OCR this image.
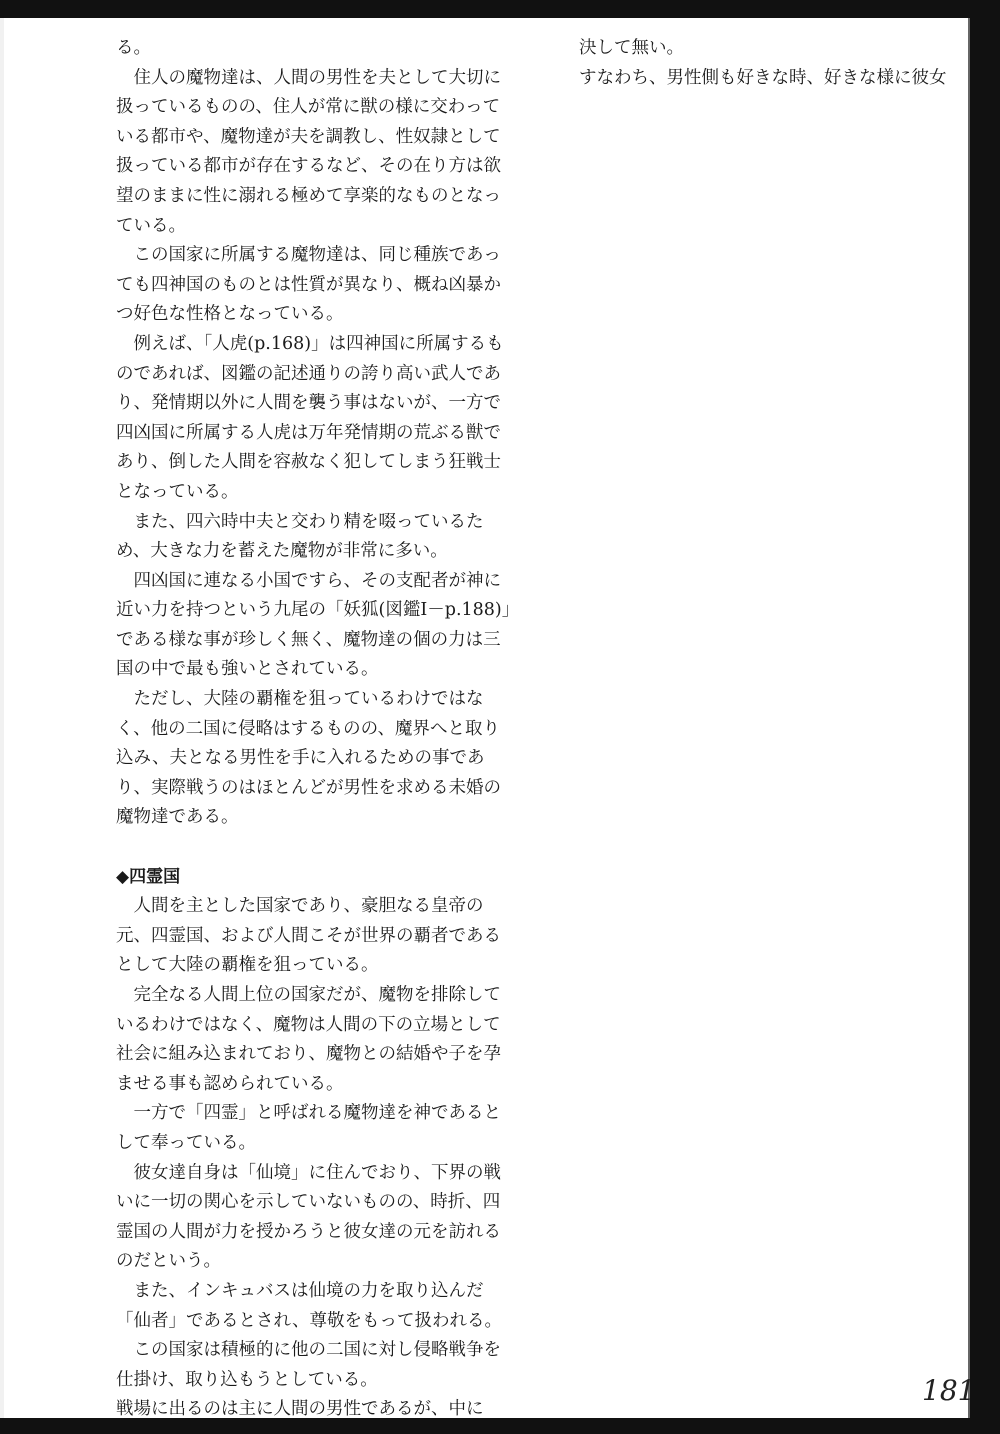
る。

　住人の魔物達は、人間の男性を夫として大切に扱っているものの、住人が常に獣の様に交わっている都市や、魔物達が夫を調教し、性奴隷として扱っている都市が存在するなど、その在り方は欲望のままに性に溺れる極めて享楽的なものとなっている。

　この国家に所属する魔物達は、同じ種族であっても四神国のものとは性質が異なり、概ね凶暴かつ好色な性格となっている。

　例えば、「人虎(p.168)」は四神国に所属するものであれば、図鑑の記述通りの誇り高い武人であり、発情期以外に人間を襲う事はないが、一方で四凶国に所属する人虎は万年発情期の荒ぶる獣であり、倒した人間を容赦なく犯してしまう狂戦士となっている。

　また、四六時中夫と交わり精を啜っているため、大きな力を蓄えた魔物が非常に多い。

　四凶国に連なる小国ですら、その支配者が神に近い力を持つという九尾の「妖狐(図鑑Ⅰ－p.188)」である様な事が珍しく無く、魔物達の個の力は三国の中で最も強いとされている。

　ただし、大陸の覇権を狙っているわけではなく、他の二国に侵略はするものの、魔界へと取り込み、夫となる男性を手に入れるための事であり、実際戦うのはほとんどが男性を求める未婚の魔物達である。

◆四霊国

　人間を主とした国家であり、豪胆なる皇帝の元、四霊国、および人間こそが世界の覇者であるとして大陸の覇権を狙っている。

　完全なる人間上位の国家だが、魔物を排除しているわけではなく、魔物は人間の下の立場として社会に組み込まれており、魔物との結婚や子を孕ませる事も認められている。

　一方で「四霊」と呼ばれる魔物達を神であるとして奉っている。

　彼女達自身は「仙境」に住んでおり、下界の戦いに一切の関心を示していないものの、時折、四霊国の人間が力を授かろうと彼女達の元を訪れるのだという。

　また、インキュバスは仙境の力を取り込んだ「仙者」であるとされ、尊敬をもって扱われる。

　この国家は積極的に他の二国に対し侵略戦争を仕掛け、取り込もうとしている。

戦場に出るのは主に人間の男性であるが、中に

決して無い。

すなわち、男性側も好きな時、好きな様に彼女

181
